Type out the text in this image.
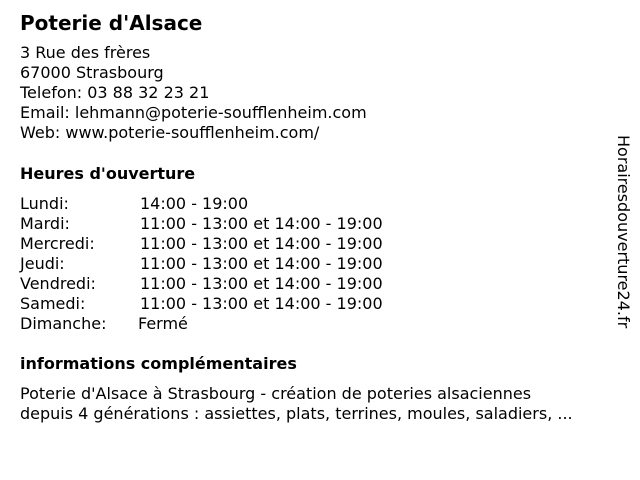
Poterie d'Alsace
3 Rue des frères
67000 Strasbourg
Telefon: 03 88 32 23 21
Email: lehmann@poterie-soufflenheim.com
Web: www.poterie-soufflenheim.com/
Heures d'ouverture
Lundi:	14:00 - 19:00
Mardi:	11:00 - 13:00 et 14:00 - 19:00
Mercredi:	11:00 - 13:00 et 14:00 - 19:00
Jeudi:	11:00 - 13:00 et 14:00 - 19:00
Vendredi:	11:00 - 13:00 et 14:00 - 19:00
Samedi:	11:00 - 13:00 et 14:00 - 19:00
Dimanche: Fermé
informations complémentaires
Poterie d'Alsace à Strasbourg - création de poteries alsaciennes
depuis 4 générations : assiettes, plats, terrines, moules, saladiers, ...
Horairesdouverture24.fr
